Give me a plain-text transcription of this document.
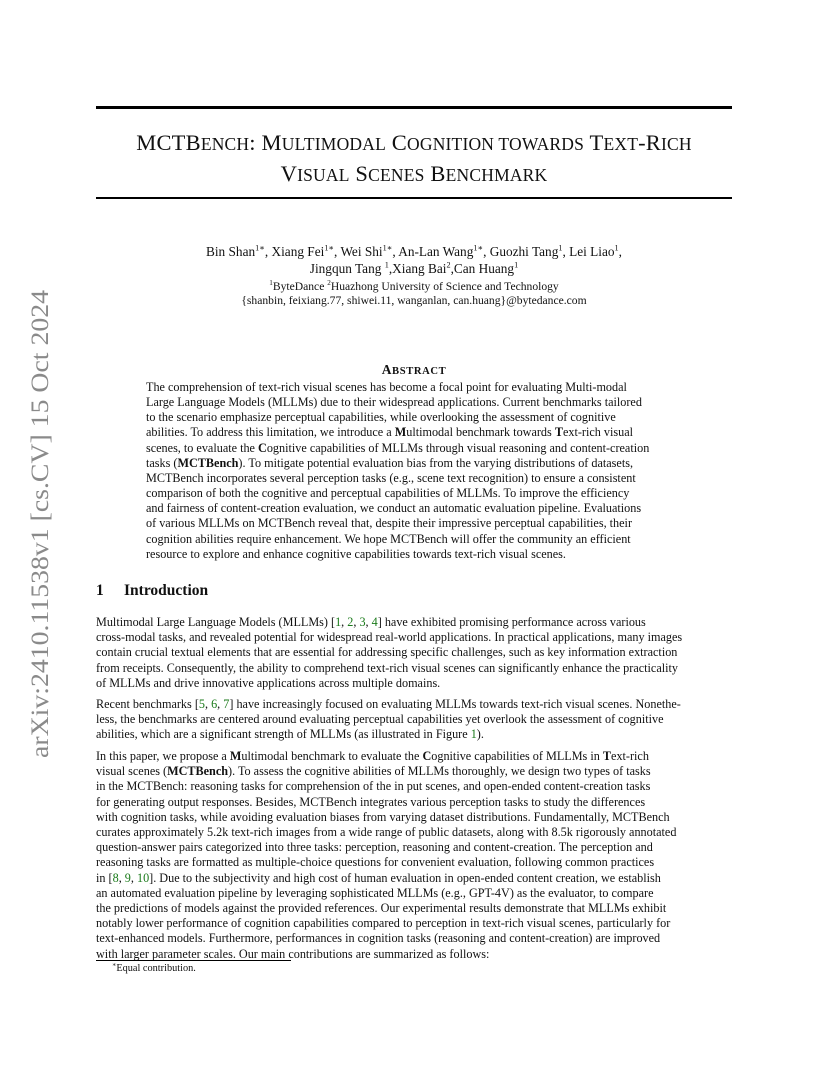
arXiv:2410.11538v1 [cs.CV] 15 Oct 2024
MCTBENCH: MULTIMODAL COGNITION TOWARDS TEXT-RICH
VISUAL SCENES BENCHMARK
Bin Shan$^{1∗}$, Xiang Fei$^{1∗}$, Wei Shi$^{1∗}$, An-Lan Wang$^{1∗}$, Guozhi Tang$^1$, Lei Liao$^1$,
Jingqun Tang $^1$,Xiang Bai$^2$,Can Huang$^1$
$^1$ByteDance $^2$Huazhong University of Science and Technology
{shanbin, feixiang.77, shiwei.11, wanganlan, can.huang}@bytedance.com
ABSTRACT
The comprehension of text-rich visual scenes has become a focal point for evaluating Multi-modal
Large Language Models (MLLMs) due to their widespread applications. Current benchmarks tailored
to the scenario emphasize perceptual capabilities, while overlooking the assessment of cognitive
abilities. To address this limitation, we introduce a Multimodal benchmark towards Text-rich visual
scenes, to evaluate the Cognitive capabilities of MLLMs through visual reasoning and content-creation
tasks (MCTBench). To mitigate potential evaluation bias from the varying distributions of datasets,
MCTBench incorporates several perception tasks (e.g., scene text recognition) to ensure a consistent
comparison of both the cognitive and perceptual capabilities of MLLMs. To improve the efficiency
and fairness of content-creation evaluation, we conduct an automatic evaluation pipeline. Evaluations
of various MLLMs on MCTBench reveal that, despite their impressive perceptual capabilities, their
cognition abilities require enhancement. We hope MCTBench will offer the community an efficient
resource to explore and enhance cognitive capabilities towards text-rich visual scenes.
1 Introduction
Multimodal Large Language Models (MLLMs) [1, 2, 3, 4] have exhibited promising performance across various
cross-modal tasks, and revealed potential for widespread real-world applications. In practical applications, many images
contain crucial textual elements that are essential for addressing specific challenges, such as key information extraction
from receipts. Consequently, the ability to comprehend text-rich visual scenes can significantly enhance the practicality
of MLLMs and drive innovative applications across multiple domains.
Recent benchmarks [5, 6, 7] have increasingly focused on evaluating MLLMs towards text-rich visual scenes. Nonethe-
less, the benchmarks are centered around evaluating perceptual capabilities yet overlook the assessment of cognitive
abilities, which are a significant strength of MLLMs (as illustrated in Figure 1).
In this paper, we propose a Multimodal benchmark to evaluate the Cognitive capabilities of MLLMs in Text-rich
visual scenes (MCTBench). To assess the cognitive abilities of MLLMs thoroughly, we design two types of tasks
in the MCTBench: reasoning tasks for comprehension of the in put scenes, and open-ended content-creation tasks
for generating output responses. Besides, MCTBench integrates various perception tasks to study the differences
with cognition tasks, while avoiding evaluation biases from varying dataset distributions. Fundamentally, MCTBench
curates approximately 5.2k text-rich images from a wide range of public datasets, along with 8.5k rigorously annotated
question-answer pairs categorized into three tasks: perception, reasoning and content-creation. The perception and
reasoning tasks are formatted as multiple-choice questions for convenient evaluation, following common practices
in [8, 9, 10]. Due to the subjectivity and high cost of human evaluation in open-ended content creation, we establish
an automated evaluation pipeline by leveraging sophisticated MLLMs (e.g., GPT-4V) as the evaluator, to compare
the predictions of models against the provided references. Our experimental results demonstrate that MLLMs exhibit
notably lower performance of cognition capabilities compared to perception in text-rich visual scenes, particularly for
text-enhanced models. Furthermore, performances in cognition tasks (reasoning and content-creation) are improved
with larger parameter scales. Our main contributions are summarized as follows:
∗Equal contribution.
